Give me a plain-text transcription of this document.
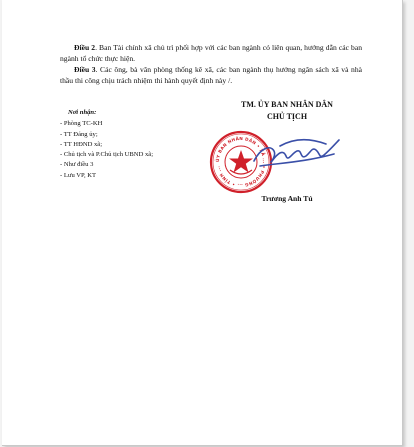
Điều 2. Ban Tài chính xã chủ trì phối hợp với các ban ngành có liên quan, hướng dẫn các ban ngành tổ chức thực hiện.

Điều 3. Các ông, bà văn phòng thống kê xã, các ban ngành thụ hưởng ngân sách xã và nhà thầu thi công chịu trách nhiệm thi hành quyết định này /.

Nơi nhận:
- Phòng TC-KH
- TT Đảng ủy;
- TT HĐND xã;
- Chủ tịch và P.Chủ tịch UBND xã;
- Như điều 3
- Lưu VP, KT
TM. ỦY BAN NHÂN DÂN
CHỦ TỊCH
ỦY BAN NHÂN DÂN • XÃ ... • PHƯỜNG ... • TỈNH ...
Trương Anh Tú
